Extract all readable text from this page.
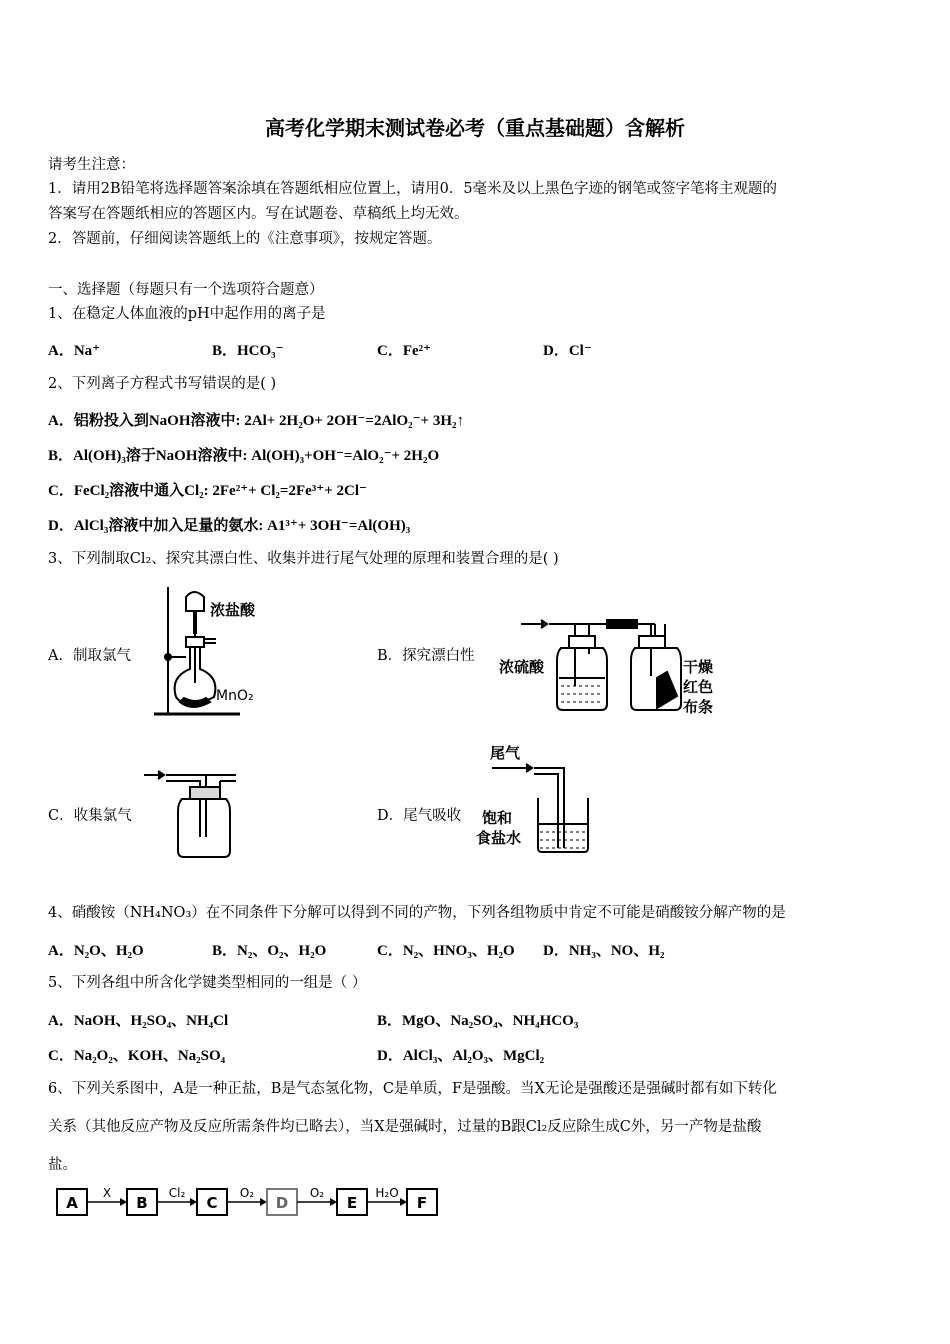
高考化学期末测试卷必考（重点基础题）含解析
请考生注意：
1．请用2B铅笔将选择题答案涂填在答题纸相应位置上，请用0．5毫米及以上黑色字迹的钢笔或签字笔将主观题的
答案写在答题纸相应的答题区内。写在试题卷、草稿纸上均无效。
2．答题前，仔细阅读答题纸上的《注意事项》，按规定答题。
一、选择题（每题只有一个选项符合题意）
1、在稳定人体血液的pH中起作用的离子是
A．Na⁺	B．HCO₃⁻	C．Fe²⁺	D．Cl⁻
2、下列离子方程式书写错误的是( )
A．铝粉投入到NaOH溶液中: 2Al+ 2H₂O+ 2OH⁻=2AlO₂⁻+ 3H₂↑
B．Al(OH)₃溶于NaOH溶液中: Al(OH)₃+OH⁻=AlO₂⁻+ 2H₂O
C．FeCl₂溶液中通入Cl₂: 2Fe²⁺+ Cl₂=2Fe³⁺+ 2Cl⁻
D．AlCl₃溶液中加入足量的氨水: A1³⁺+ 3OH⁻=Al(OH)₃
3、下列制取Cl₂、探究其漂白性、收集并进行尾气处理的原理和装置合理的是( )
A．制取氯气	B．探究漂白性
C．收集氯气	D．尾气吸收
浓盐酸
MnO₂
浓硫酸	干燥
红色
布条
尾气
饱和
食盐水
4、硝酸铵（NH₄NO₃）在不同条件下分解可以得到不同的产物，下列各组物质中肯定不可能是硝酸铵分解产物的是
A．N₂O、H₂O	B．N₂、O₂、H₂O	C．N₂、HNO₃、H₂O D．NH₃、NO、H₂
5、下列各组中所含化学键类型相同的一组是（ ）
A．NaOH、H₂SO₄、NH₄Cl	B．MgO、Na₂SO₄、NH₄HCO₃
C．Na₂O₂、KOH、Na₂SO₄	D．AlCl₃、Al₂O₃、MgCl₂
6、下列关系图中，A是一种正盐，B是气态氢化物，C是单质，F是强酸。当X无论是强酸还是强碱时都有如下转化
关系（其他反应产物及反应所需条件均已略去），当X是强碱时，过量的B跟Cl₂反应除生成C外，另一产物是盐酸
盐。
A
X
B
Cl₂
C
O₂
D
O₂
E
H₂O
F
